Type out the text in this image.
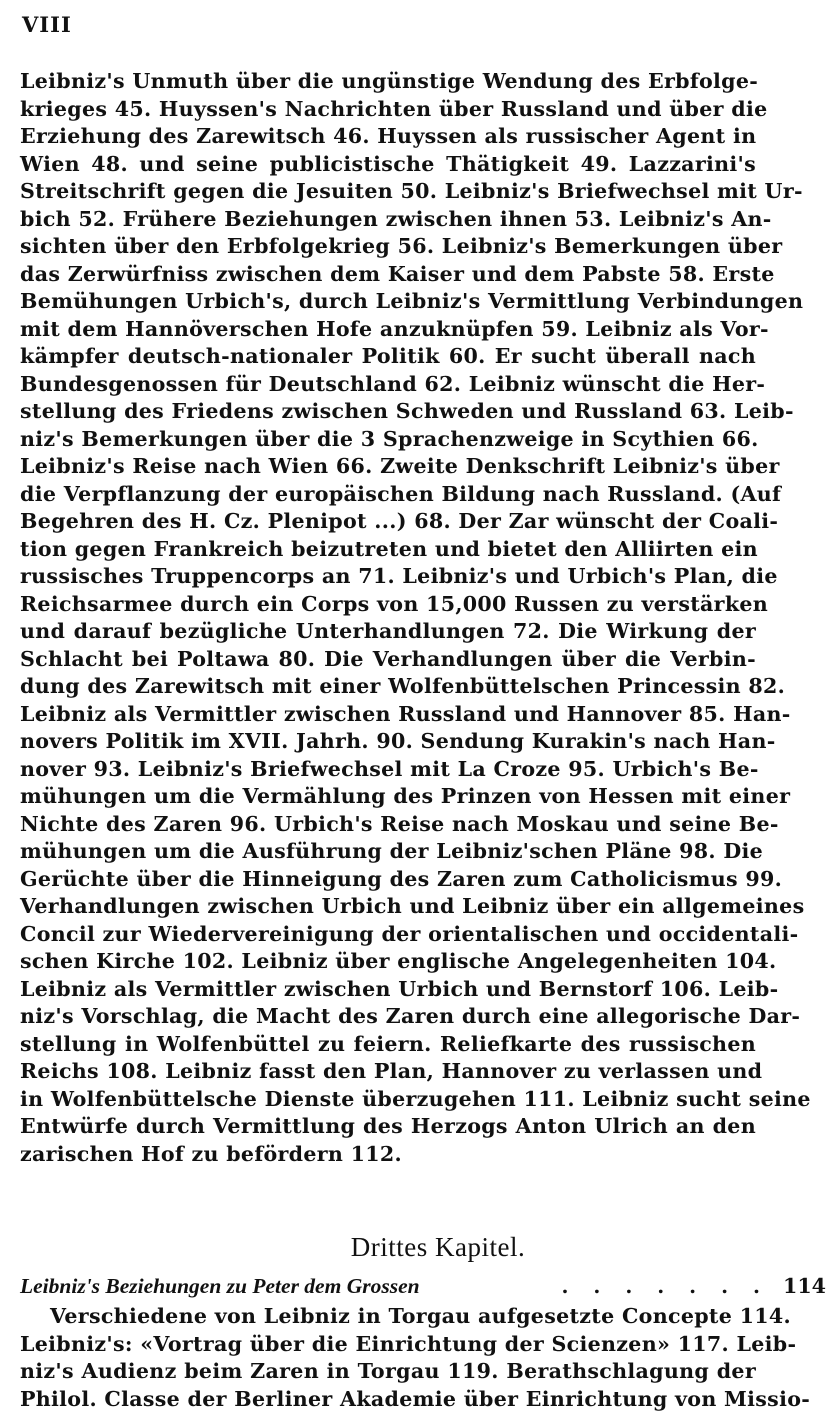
VIII
Leibniz's Unmuth über die ungünstige Wendung des Erbfolge-
krieges 45. Huyssen's Nachrichten über Russland und über die
Erziehung des Zarewitsch 46. Huyssen als russischer Agent in
Wien 48. und seine publicistische Thätigkeit 49. Lazzarini's
Streitschrift gegen die Jesuiten 50. Leibniz's Briefwechsel mit Ur-
bich 52. Frühere Beziehungen zwischen ihnen 53. Leibniz's An-
sichten über den Erbfolgekrieg 56. Leibniz's Bemerkungen über
das Zerwürfniss zwischen dem Kaiser und dem Pabste 58. Erste
Bemühungen Urbich's, durch Leibniz's Vermittlung Verbindungen
mit dem Hannöverschen Hofe anzuknüpfen 59. Leibniz als Vor-
kämpfer deutsch-nationaler Politik 60. Er sucht überall nach
Bundesgenossen für Deutschland 62. Leibniz wünscht die Her-
stellung des Friedens zwischen Schweden und Russland 63. Leib-
niz's Bemerkungen über die 3 Sprachenzweige in Scythien 66.
Leibniz's Reise nach Wien 66. Zweite Denkschrift Leibniz's über
die Verpflanzung der europäischen Bildung nach Russland. (Auf
Begehren des H. Cz. Plenipot ...) 68. Der Zar wünscht der Coali-
tion gegen Frankreich beizutreten und bietet den Alliirten ein
russisches Truppencorps an 71. Leibniz's und Urbich's Plan, die
Reichsarmee durch ein Corps von 15,000 Russen zu verstärken
und darauf bezügliche Unterhandlungen 72. Die Wirkung der
Schlacht bei Poltawa 80. Die Verhandlungen über die Verbin-
dung des Zarewitsch mit einer Wolfenbüttelschen Princessin 82.
Leibniz als Vermittler zwischen Russland und Hannover 85. Han-
novers Politik im XVII. Jahrh. 90. Sendung Kurakin's nach Han-
nover 93. Leibniz's Briefwechsel mit La Croze 95. Urbich's Be-
mühungen um die Vermählung des Prinzen von Hessen mit einer
Nichte des Zaren 96. Urbich's Reise nach Moskau und seine Be-
mühungen um die Ausführung der Leibniz'schen Pläne 98. Die
Gerüchte über die Hinneigung des Zaren zum Catholicismus 99.
Verhandlungen zwischen Urbich und Leibniz über ein allgemeines
Concil zur Wiedervereinigung der orientalischen und occidentali-
schen Kirche 102. Leibniz über englische Angelegenheiten 104.
Leibniz als Vermittler zwischen Urbich und Bernstorf 106. Leib-
niz's Vorschlag, die Macht des Zaren durch eine allegorische Dar-
stellung in Wolfenbüttel zu feiern. Reliefkarte des russischen
Reichs 108. Leibniz fasst den Plan, Hannover zu verlassen und
in Wolfenbüttelsche Dienste überzugehen 111. Leibniz sucht seine
Entwürfe durch Vermittlung des Herzogs Anton Ulrich an den
zarischen Hof zu befördern 112.
Drittes Kapitel.
Leibniz's Beziehungen zu Peter dem Grossen	. . . . . . . 114
Verschiedene von Leibniz in Torgau aufgesetzte Concepte 114.
Leibniz's: «Vortrag über die Einrichtung der Scienzen» 117. Leib-
niz's Audienz beim Zaren in Torgau 119. Berathschlagung der
Philol. Classe der Berliner Akademie über Einrichtung von Missio-
